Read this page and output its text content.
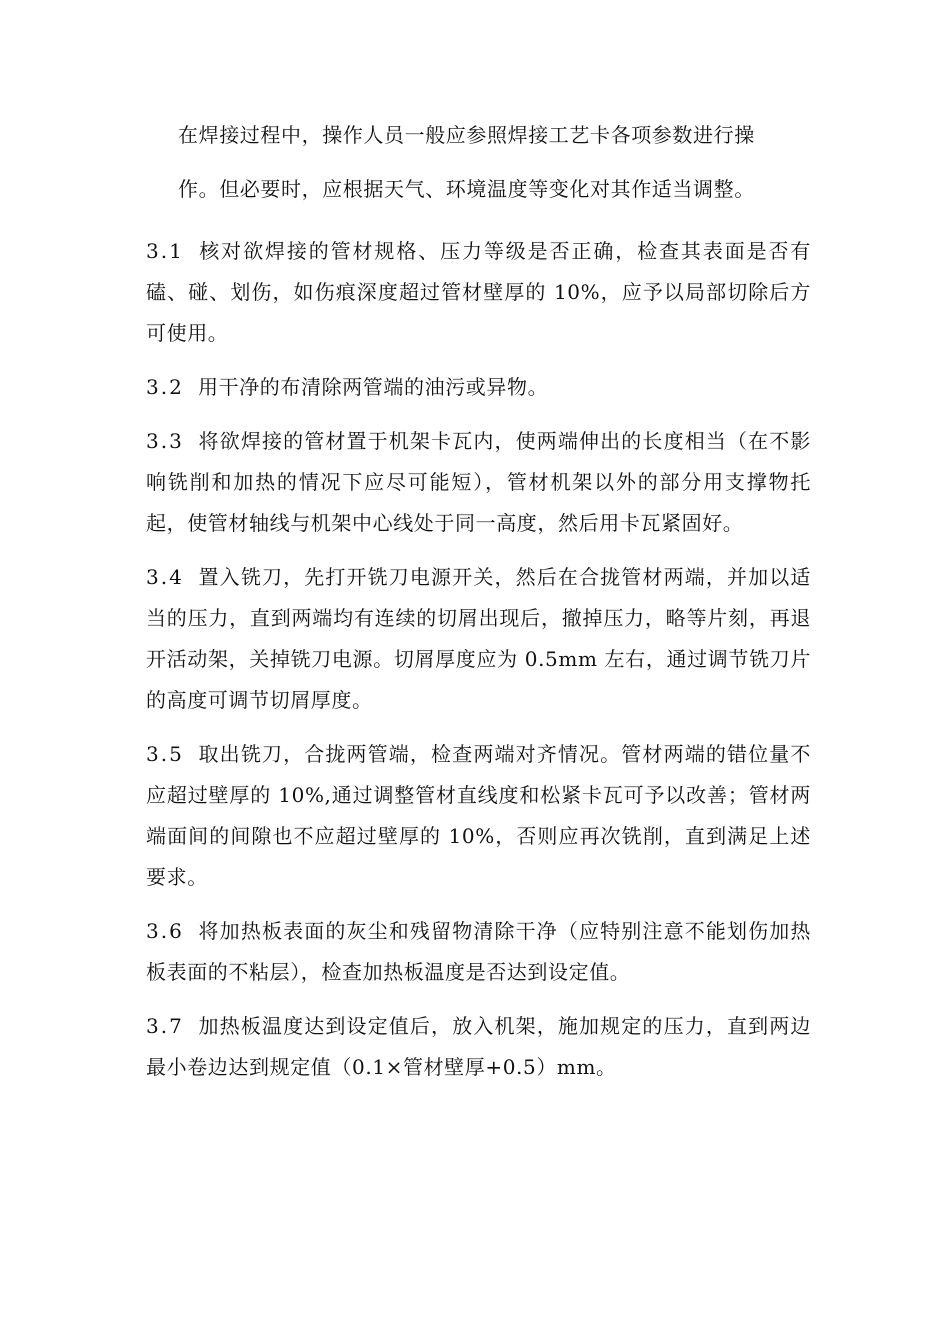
在焊接过程中，操作人员一般应参照焊接工艺卡各项参数进行操
作。但必要时，应根据天气、环境温度等变化对其作适当调整。

3.1 核对欲焊接的管材规格、压力等级是否正确，检查其表面是否有磕、碰、划伤，如伤痕深度超过管材壁厚的 10%，应予以局部切除后方可使用。

3.2 用干净的布清除两管端的油污或异物。

3.3 将欲焊接的管材置于机架卡瓦内，使两端伸出的长度相当（在不影响铣削和加热的情况下应尽可能短），管材机架以外的部分用支撑物托起，使管材轴线与机架中心线处于同一高度，然后用卡瓦紧固好。

3.4 置入铣刀，先打开铣刀电源开关，然后在合拢管材两端，并加以适当的压力，直到两端均有连续的切屑出现后，撤掉压力，略等片刻，再退开活动架，关掉铣刀电源。切屑厚度应为 0.5mm 左右，通过调节铣刀片的高度可调节切屑厚度。

3.5 取出铣刀，合拢两管端，检查两端对齐情况。管材两端的错位量不应超过壁厚的 10%,通过调整管材直线度和松紧卡瓦可予以改善；管材两端面间的间隙也不应超过壁厚的 10%，否则应再次铣削，直到满足上述要求。

3.6 将加热板表面的灰尘和残留物清除干净（应特别注意不能划伤加热板表面的不粘层），检查加热板温度是否达到设定值。

3.7 加热板温度达到设定值后，放入机架，施加规定的压力，直到两边最小卷边达到规定值（0.1×管材壁厚+0.5）mm。
